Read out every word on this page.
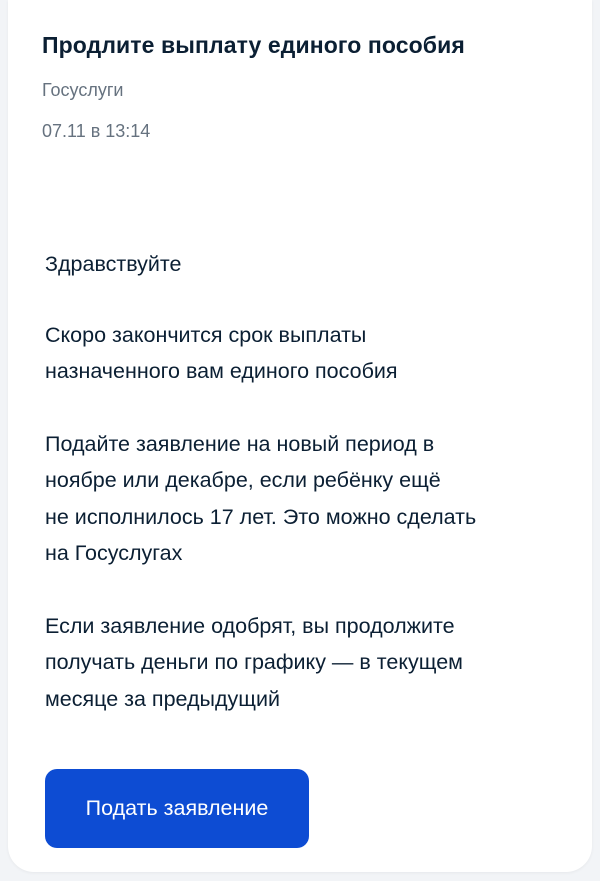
Продлите выплату единого пособия
Госуслуги
07.11 в 13:14

Здравствуйте

Скоро закончится срок выплаты
назначенного вам единого пособия

Подайте заявление на новый период в
ноябре или декабре, если ребёнку ещё
не исполнилось 17 лет. Это можно сделать
на Госуслугах

Если заявление одобрят, вы продолжите
получать деньги по графику — в текущем
месяце за предыдущий

Подать заявление
